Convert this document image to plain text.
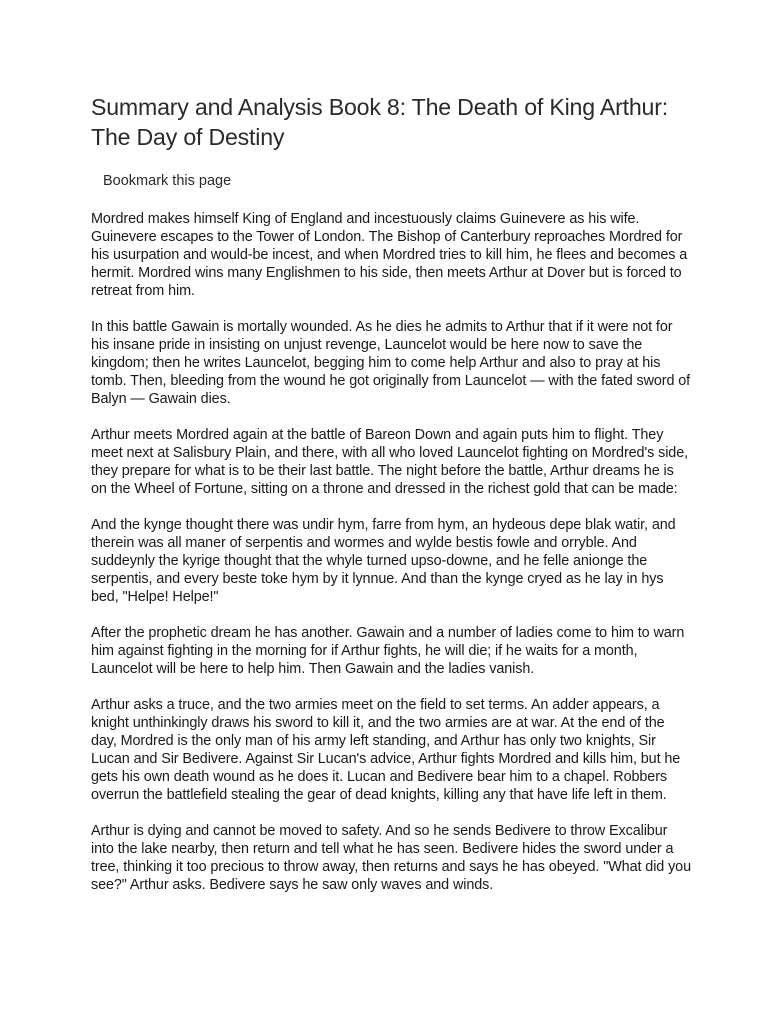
Summary and Analysis Book 8: The Death of King Arthur: The Day of Destiny
Bookmark this page

Mordred makes himself King of England and incestuously claims Guinevere as his wife. Guinevere escapes to the Tower of London. The Bishop of Canterbury reproaches Mordred for his usurpation and would-be incest, and when Mordred tries to kill him, he flees and becomes a hermit. Mordred wins many Englishmen to his side, then meets Arthur at Dover but is forced to retreat from him.

In this battle Gawain is mortally wounded. As he dies he admits to Arthur that if it were not for his insane pride in insisting on unjust revenge, Launcelot would be here now to save the kingdom; then he writes Launcelot, begging him to come help Arthur and also to pray at his tomb. Then, bleeding from the wound he got originally from Launcelot — with the fated sword of Balyn — Gawain dies.

Arthur meets Mordred again at the battle of Bareon Down and again puts him to flight. They meet next at Salisbury Plain, and there, with all who loved Launcelot fighting on Mordred's side, they prepare for what is to be their last battle. The night before the battle, Arthur dreams he is on the Wheel of Fortune, sitting on a throne and dressed in the richest gold that can be made:

And the kynge thought there was undir hym, farre from hym, an hydeous depe blak watir, and therein was all maner of serpentis and wormes and wylde bestis fowle and orryble. And suddeynly the kyrige thought that the whyle turned upso-downe, and he felle anionge the serpentis, and every beste toke hym by it lynnue. And than the kynge cryed as he lay in hys bed, "Helpe! Helpe!"

After the prophetic dream he has another. Gawain and a number of ladies come to him to warn him against fighting in the morning for if Arthur fights, he will die; if he waits for a month, Launcelot will be here to help him. Then Gawain and the ladies vanish.

Arthur asks a truce, and the two armies meet on the field to set terms. An adder appears, a knight unthinkingly draws his sword to kill it, and the two armies are at war. At the end of the day, Mordred is the only man of his army left standing, and Arthur has only two knights, Sir Lucan and Sir Bedivere. Against Sir Lucan's advice, Arthur fights Mordred and kills him, but he gets his own death wound as he does it. Lucan and Bedivere bear him to a chapel. Robbers overrun the battlefield stealing the gear of dead knights, killing any that have life left in them.

Arthur is dying and cannot be moved to safety. And so he sends Bedivere to throw Excalibur into the lake nearby, then return and tell what he has seen. Bedivere hides the sword under a tree, thinking it too precious to throw away, then returns and says he has obeyed. "What did you see?" Arthur asks. Bedivere says he saw only waves and winds.
